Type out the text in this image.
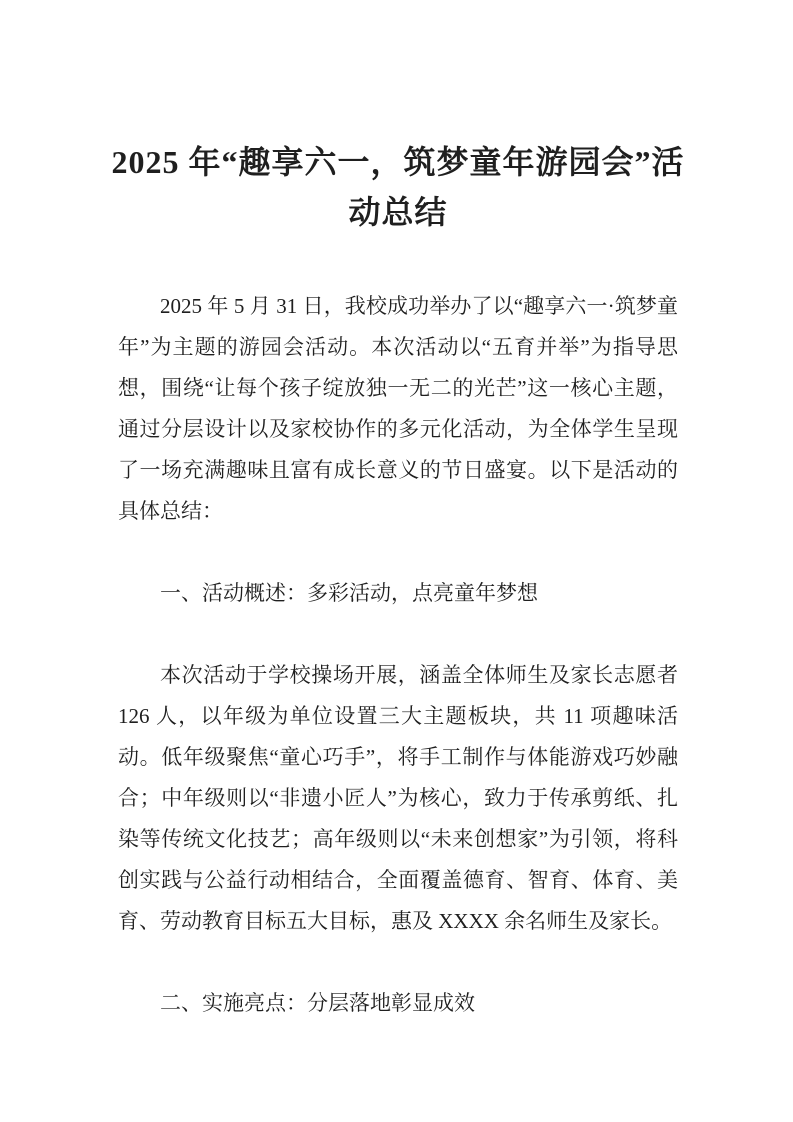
2025 年“趣享六一，筑梦童年游园会”活动总结

2025 年 5 月 31 日，我校成功举办了以“趣享六一·筑梦童年”为主题的游园会活动。本次活动以“五育并举”为指导思想，围绕“让每个孩子绽放独一无二的光芒”这一核心主题，通过分层设计以及家校协作的多元化活动，为全体学生呈现了一场充满趣味且富有成长意义的节日盛宴。以下是活动的具体总结：

一、活动概述：多彩活动，点亮童年梦想

本次活动于学校操场开展，涵盖全体师生及家长志愿者 126 人，以年级为单位设置三大主题板块，共 11 项趣味活动。低年级聚焦“童心巧手”，将手工制作与体能游戏巧妙融合；中年级则以“非遗小匠人”为核心，致力于传承剪纸、扎染等传统文化技艺；高年级则以“未来创想家”为引领，将科创实践与公益行动相结合，全面覆盖德育、智育、体育、美育、劳动教育目标五大目标，惠及 XXXX 余名师生及家长。

二、实施亮点：分层落地彰显成效
